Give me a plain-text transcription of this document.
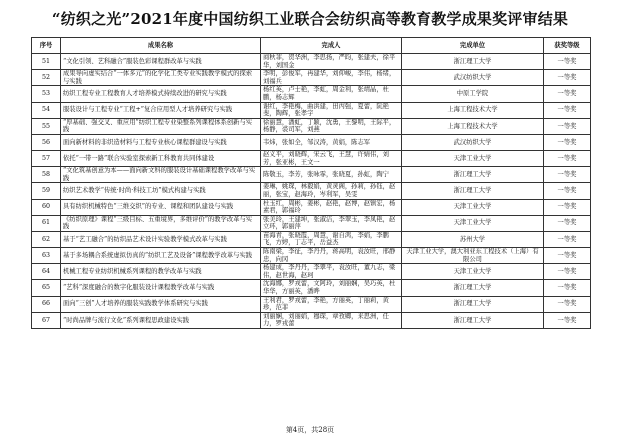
“纺织之光”2021年度中国纺织工业联合会纺织高等教育教学成果奖评审结果
序号	成果名称	完成人	完成单位	获奖等级
51	“文化引领、艺科融合”服装色彩课程群改革与实践	商秋菲，贺华洲，李思扬，严昀，张建夫，徐平华，刘国金	浙江理工大学	一等奖
52	成果导向虚实结合“一体多元”的化学化工类专业实践教学模式的探索与实践	李明，彭俊军，冉建华，刘仰峻，李伟，杨绪，刘福兵	武汉纺织大学	一等奖
53	纺织工程专业工程教育人才培养模式持续改进的研究与实践	杨红英，卢士艳，李虹，周金利，张靖晶，杜鹏，杨志辉	中原工学院	一等奖
54	服装设计与工程专业“工程+”复合应用型人才培养研究与实践	谢红，李艳梅，曲洪建，田丙强，夏蕾，阮艳斐，陶辉，张孝宇	上海工程技术大学	一等奖
55	“厚基础、强交叉、重应用”纺织工程专业染整系列课程体系创新与实践	徐丽慧，潘虹，丁颖，沈勇，王黎明，王际平，杨静，裘司军，刘燕	上海工程技术大学	一等奖
56	面向新材料的非织造材料与工程专业核心课程群建设与实践	韦炜，张如全，邹汉涛，黄娟，陈志军	武汉纺织大学	一等奖
57	依托“一带一路”联合实验室探索新工科教育共同体建设	赵义平，刘晓辉，宋云飞，王慧，许婧伟，刘芳，张亚彬，王文一	天津工业大学	一等奖
58	“文化筑基创意为本——面向新文科的服装设计基础课程教学改革与实践	陈敬玉，李芳，张咏霏，张晓夏，孙虹，陶宁	浙江理工大学	一等奖
59	纺织艺术教学“传统·时尚·科技工坊”模式构建与实践	姜琳，姚琛，林毅娟，黄灵阁，孙莉，孙钰，赵丽，张宝，赵海玲，岑利军，吴雯	浙江理工大学	一等奖
60	具有纺织机械特色“三维交织”的专业、课程和团队建设与实践	杜玉红，周彬，姜彬，赵艳，赵博，赵镇宏，杨素君，郭福玲	天津工业大学	一等奖
61	《纺织原理》课程“三级目标、五重境界，多维评价”的教学改革与实践	张美玲，王建坤，张淑洁，李翠玉，李凤艳，赵立环，郭丽萍	天津工业大学	一等奖
62	基于“艺工融合”的纺织品艺术设计实验教学模式改革与实践	苗海青，张晓霞，周慧，谢自鸿，李娟，李鹏飞，方婷，丁志平，岳益杰	苏州大学	一等奖
63	基于多场耦合系统虚拟仿真的“纺织工艺及设备”课程教学改革与实践	陈南梁，李征，李丹丹，蒋高明，袁汝旺，邢静忠，向冈	天津工业大学，澳大利亚东工程技术（上海）有限公司	一等奖
64	机械工程专业纺织机械系列课程的教学改革与实践	杨建成，李丹丹，李翠平，袁汝旺，董九志，梁伟，赵世海，赵珂	天津工业大学	一等奖
65	“艺科”深度融合的数字化服装设计课程教学改革与实践	沈海娜，罗戎蕾，文阿玲，刘丽娴，吴巧英，杜华华，方丽英，潘晔	浙江理工大学	一等奖
66	面向“三创”人才培养的服装实践教学体系研究与实践	王利君，罗戎蕾，李艳，方丽英，丁丽莉，黄珍，范菲	浙江理工大学	一等奖
67	“时尚品牌与流行文化”系列课程思政建设实践	刘丽娴，刘丽娟，穆琛，章孜卿，来思洲，任力，罗戎蕾	浙江理工大学	一等奖
第4页，共28页
